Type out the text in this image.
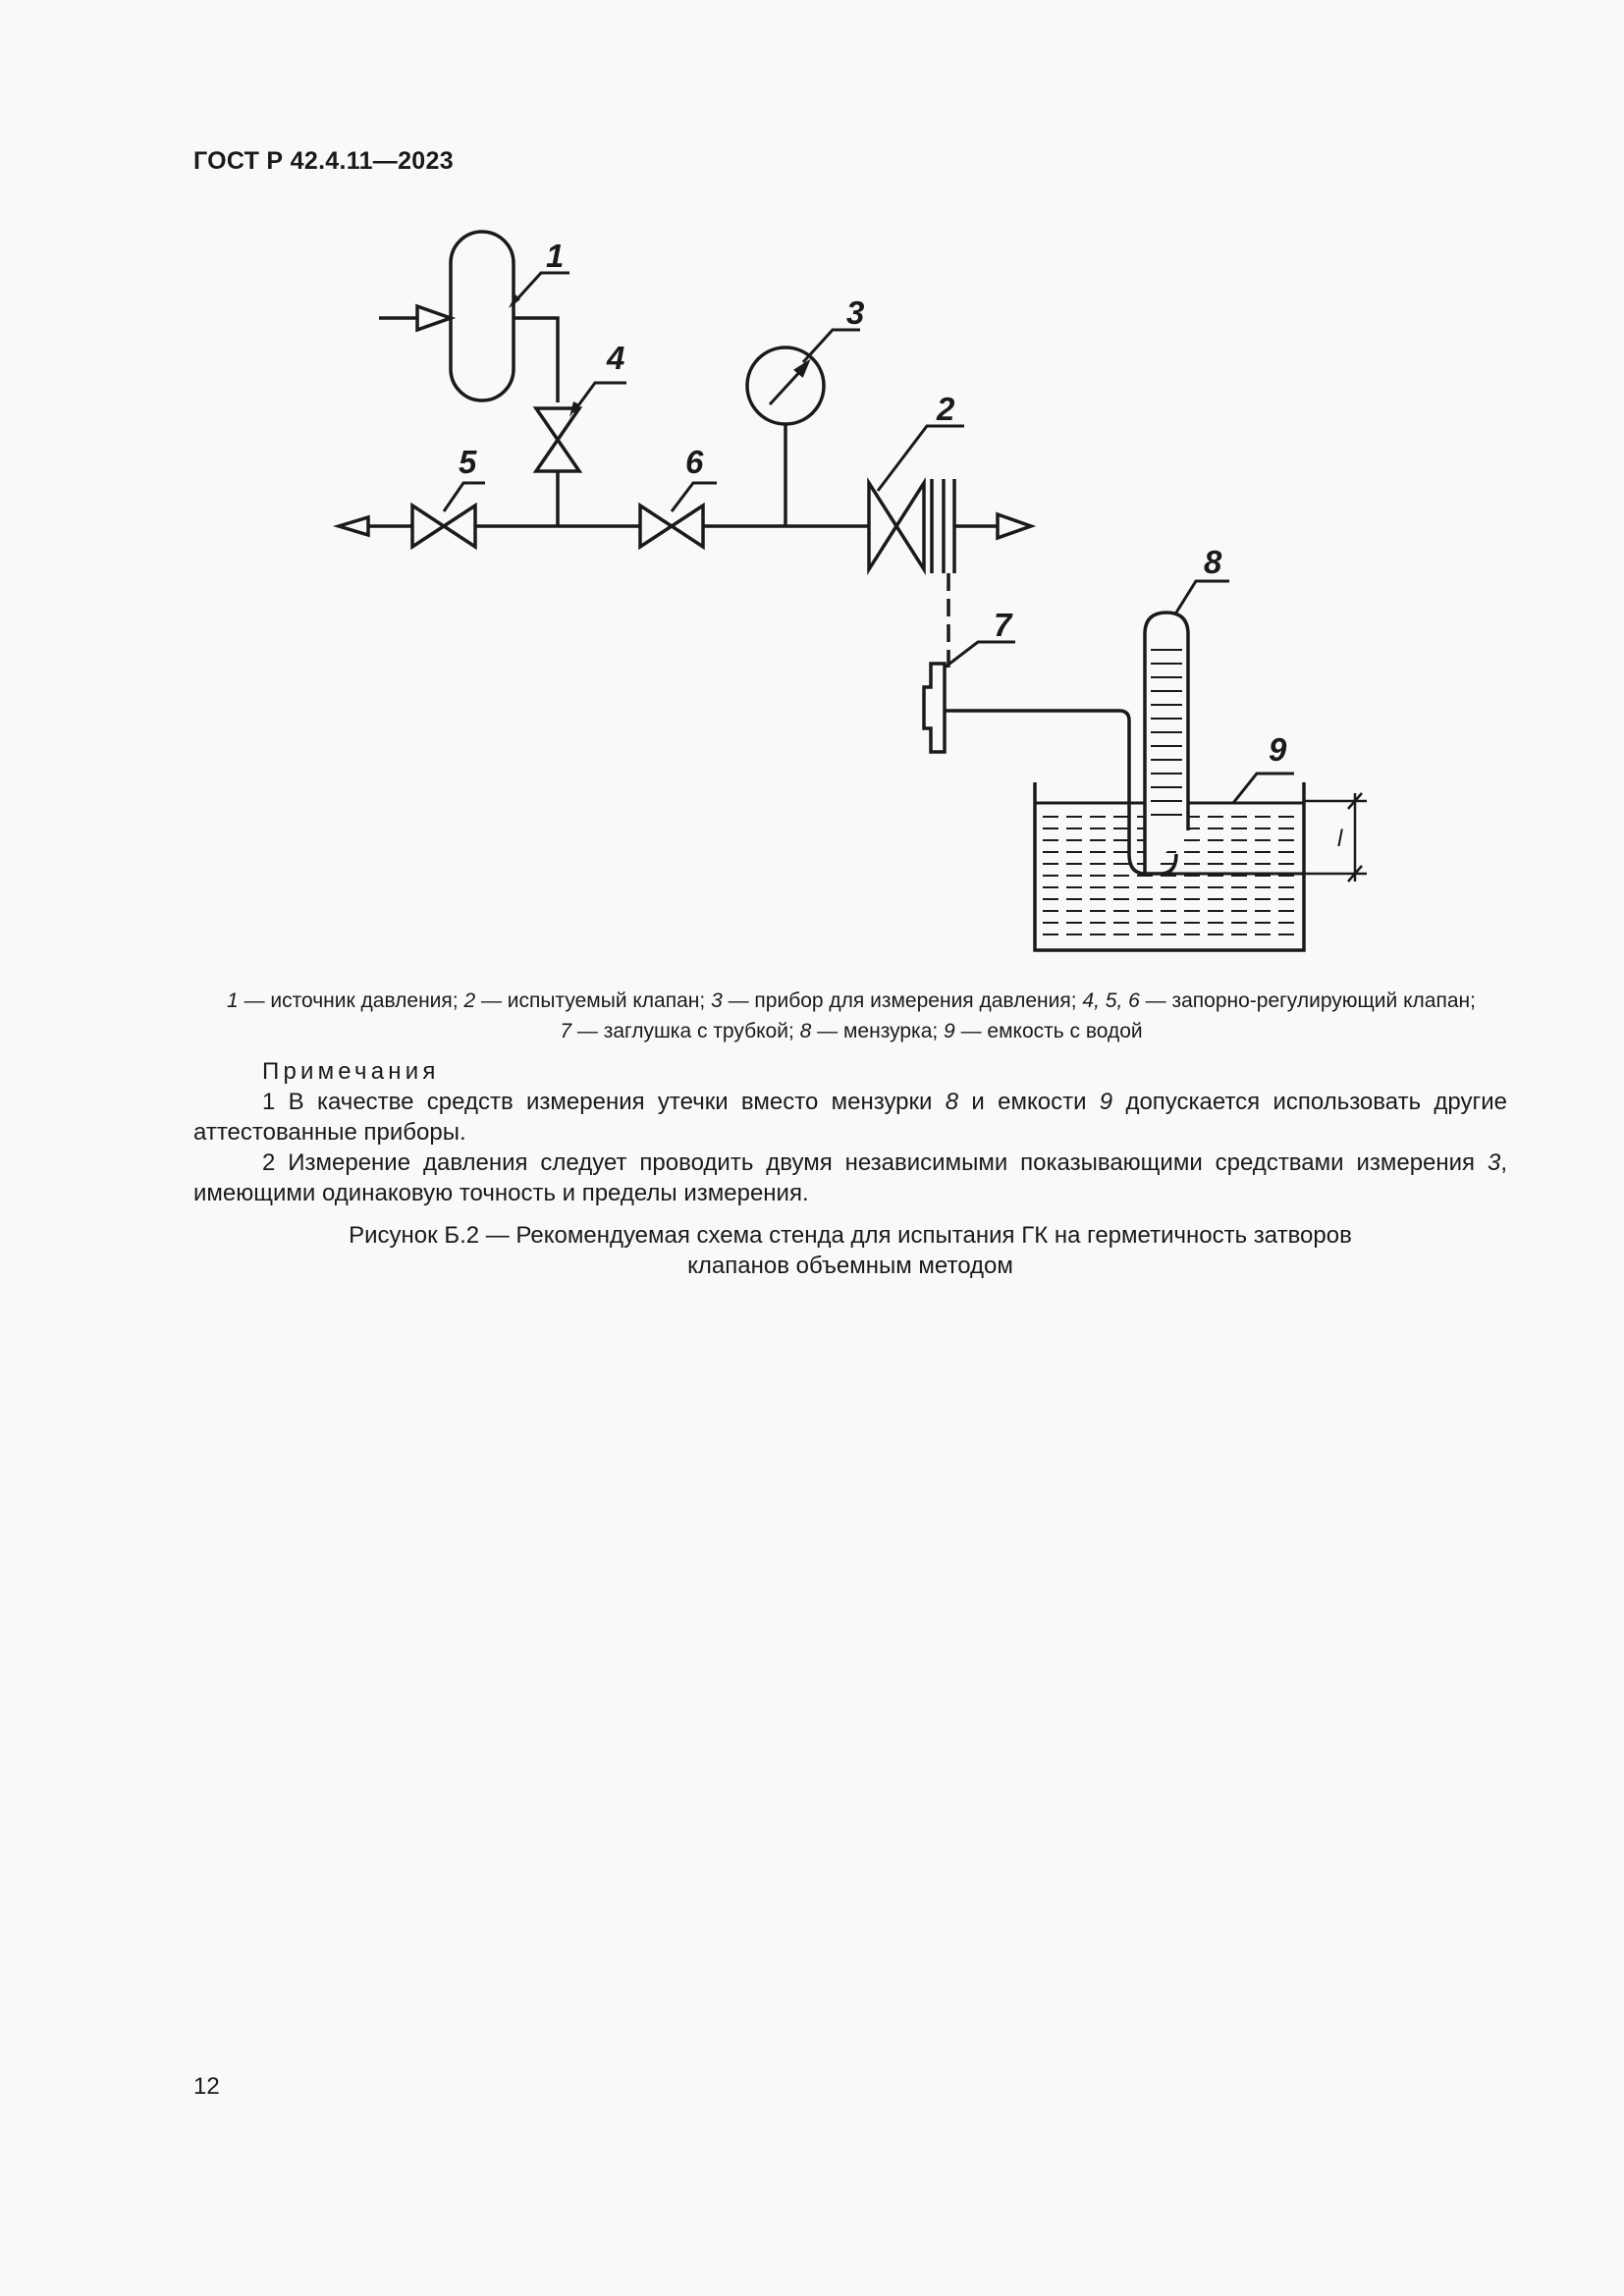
ГОСТ Р 42.4.11—2023
1
2
3
4
5	6
7
8
9
l
1 — источник давления; 2 — испытуемый клапан; 3 — прибор для измерения давления; 4, 5, 6 — запорно-регулирующий клапан;
7 — заглушка с трубкой; 8 — мензурка; 9 — емкость с водой
Примечания
1 В качестве средств измерения утечки вместо мензурки 8 и емкости 9 допускается использовать другие аттестованные приборы.
2 Измерение давления следует проводить двумя независимыми показывающими средствами измерения 3, имеющими одинаковую точность и пределы измерения.
Рисунок Б.2 — Рекомендуемая схема стенда для испытания ГК на герметичность затворов
клапанов объемным методом
12
